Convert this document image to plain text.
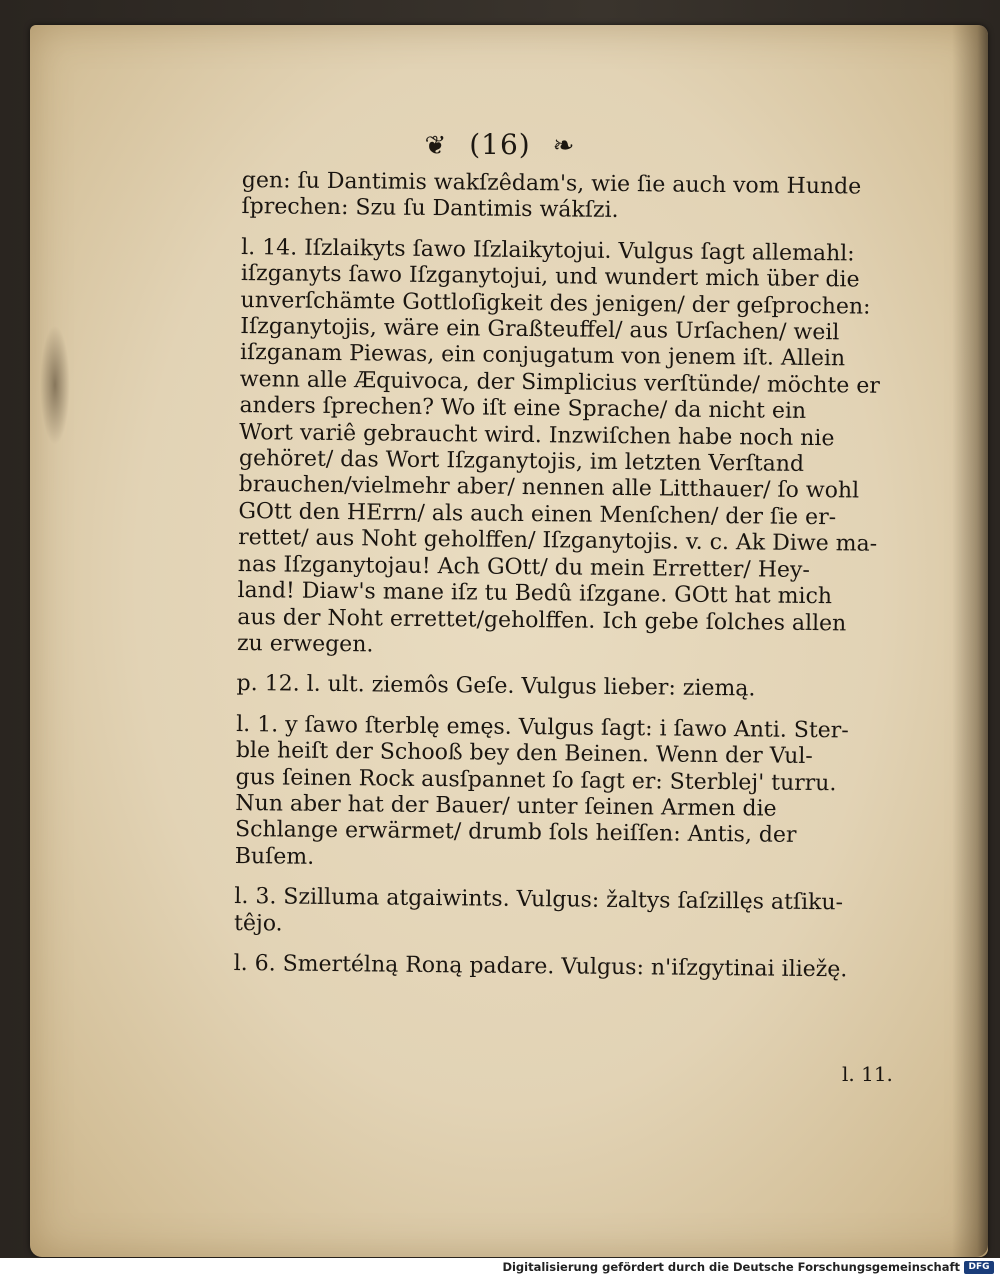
❦ (16) ❧
gen: ſu Dantimis wakſzêdam's, wie ſie auch vom Hunde
ſprechen: Szu ſu Dantimis wákſzi.
l. 14. Iſzlaikyts ſawo Iſzlaikytojui. Vulgus ſagt allemahl:
iſzganyts ſawo Iſzganytojui, und wundert mich über die
unverſchämte Gottloſigkeit des jenigen/ der geſprochen:
Iſzganytojis, wäre ein Graßteuffel/ aus Urſachen/ weil
iſzganam Piewas, ein conjugatum von jenem iſt. Allein
wenn alle Æquivoca, der Simplicius verſtünde/ möchte er
anders ſprechen? Wo iſt eine Sprache/ da nicht ein
Wort variê gebraucht wird. Inzwiſchen habe noch nie
gehöret/ das Wort Iſzganytojis, im letzten Verſtand
brauchen/vielmehr aber/ nennen alle Litthauer/ ſo wohl
GOtt den HErrn/ als auch einen Menſchen/ der ſie er-
rettet/ aus Noht geholffen/ Iſzganytojis. v. c. Ak Diwe ma-
nas Iſzganytojau! Ach GOtt/ du mein Erretter/ Hey-
land! Diaw's mane iſz tu Bedû iſzgane. GOtt hat mich
aus der Noht errettet/geholffen. Ich gebe ſolches allen
zu erwegen.
p. 12. l. ult. ziemôs Geſe. Vulgus lieber: ziemą.
l. 1. y ſawo ſterblę emęs. Vulgus ſagt: i ſawo Anti. Ster-
ble heiſt der Schooß bey den Beinen. Wenn der Vul-
gus ſeinen Rock ausſpannet ſo ſagt er: Sterblej' turru.
Nun aber hat der Bauer/ unter ſeinen Armen die
Schlange erwärmet/ drumb ſols heiſſen: Antis, der
Buſem.
l. 3. Szilluma atgaiwints. Vulgus: žaltys ſaſzillęs atſiku-
têjo.
l. 6. Smertélną Roną padare. Vulgus: n'iſzgytinai iliežę.
l. 11.
Digitalisierung gefördert durch die Deutsche Forschungsgemeinschaft DFG
